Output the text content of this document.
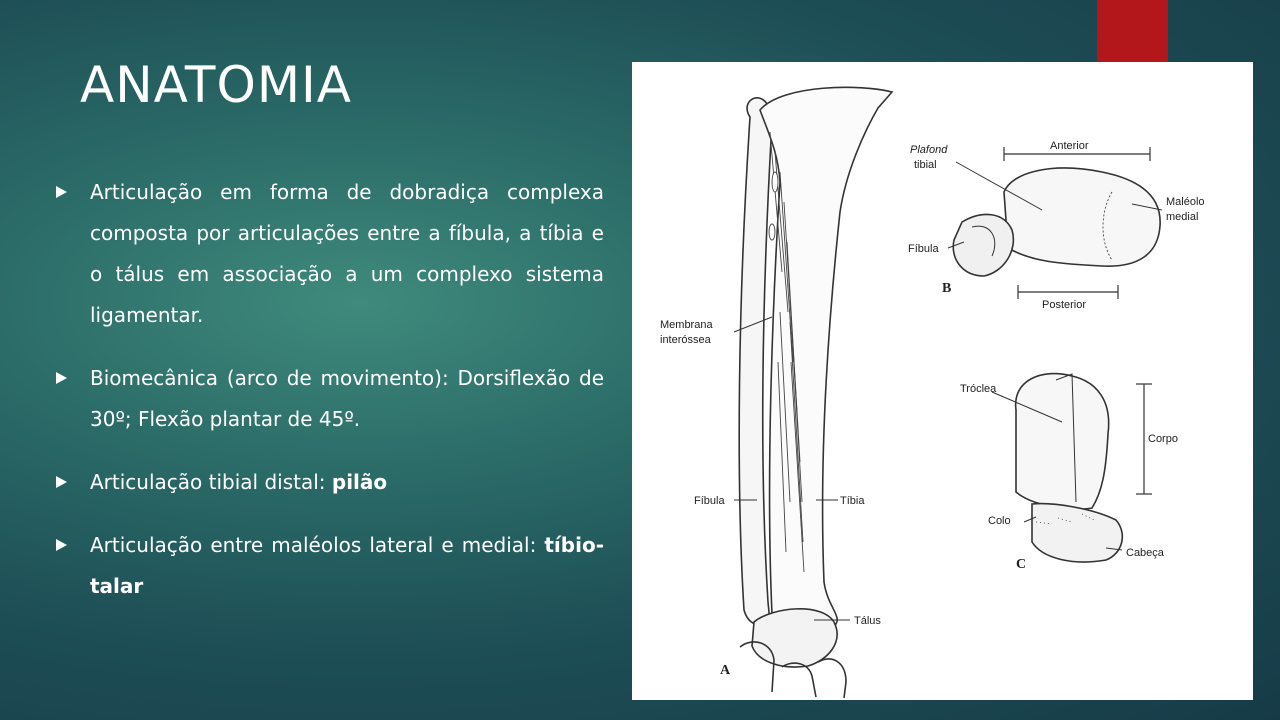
ANATOMIA
Articulação em forma de dobradiça complexa composta por articulações entre a fíbula, a tíbia e o tálus em associação a um complexo sistema ligamentar.
Biomecânica (arco de movimento): Dorsiflexão de 30º; Flexão plantar de 45º.
Articulação tibial distal: pilão
Articulação entre maléolos lateral e medial: tíbio-talar
Membrana
interóssea
Fíbula	Tíbia
Tálus
A
Plafond
tibial
Anterior
Maléolo
medial
Fíbula
B
Posterior
Tróclea
Corpo
Colo
Cabeça
C
